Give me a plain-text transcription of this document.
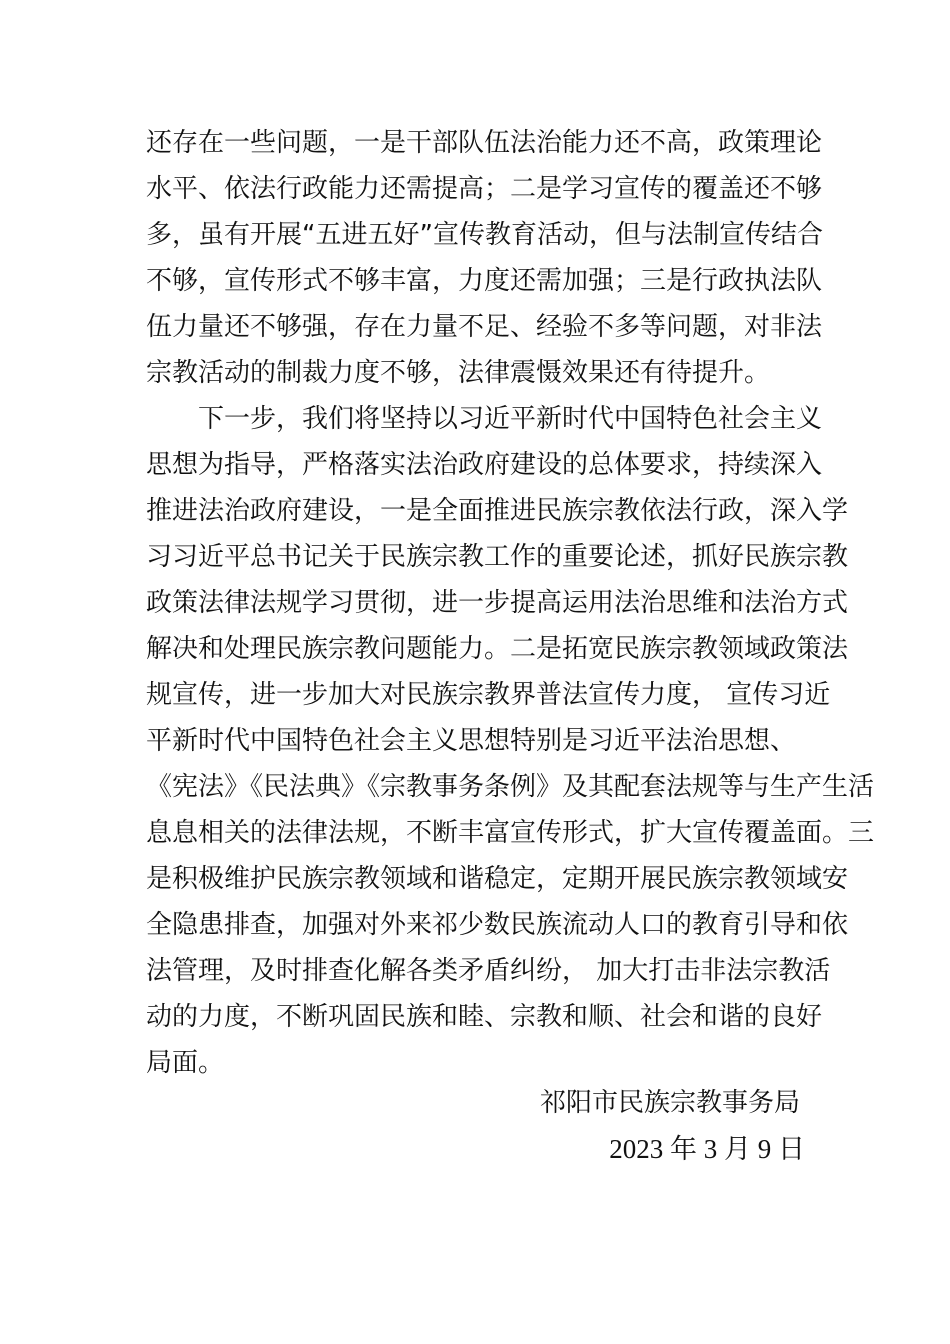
还存在一些问题，一是干部队伍法治能力还不高，政策理论
水平、依法行政能力还需提高；二是学习宣传的覆盖还不够
多，虽有开展“五进五好”宣传教育活动，但与法制宣传结合
不够，宣传形式不够丰富，力度还需加强；三是行政执法队
伍力量还不够强，存在力量不足、经验不多等问题，对非法
宗教活动的制裁力度不够，法律震慑效果还有待提升。
下一步，我们将坚持以习近平新时代中国特色社会主义
思想为指导，严格落实法治政府建设的总体要求，持续深入
推进法治政府建设，一是全面推进民族宗教依法行政，深入学
习习近平总书记关于民族宗教工作的重要论述，抓好民族宗教
政策法律法规学习贯彻，进一步提高运用法治思维和法治方式
解决和处理民族宗教问题能力。二是拓宽民族宗教领域政策法
规宣传，进一步加大对民族宗教界普法宣传力度， 宣传习近
平新时代中国特色社会主义思想特别是习近平法治思想、
《宪法》《民法典》《宗教事务条例》及其配套法规等与生产生活
息息相关的法律法规，不断丰富宣传形式，扩大宣传覆盖面。三
是积极维护民族宗教领域和谐稳定，定期开展民族宗教领域安
全隐患排查，加强对外来祁少数民族流动人口的教育引导和依
法管理，及时排查化解各类矛盾纠纷， 加大打击非法宗教活
动的力度，不断巩固民族和睦、宗教和顺、社会和谐的良好
局面。
祁阳市民族宗教事务局
2023 年 3 月 9 日
